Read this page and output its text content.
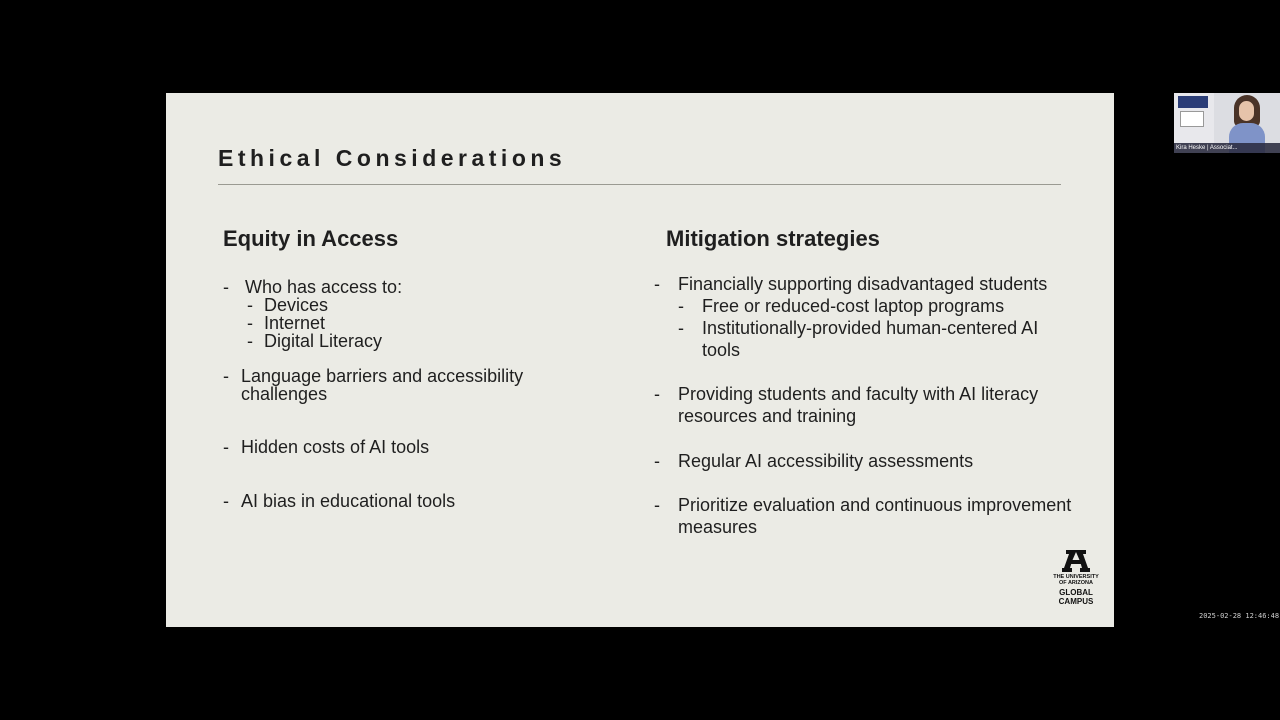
Ethical Considerations
Equity in Access
- Who has access to:
- Devices
- Internet
- Digital Literacy
- Language barriers and accessibility
challenges
- Hidden costs of AI tools
- AI bias in educational tools
Mitigation strategies
- Financially supporting disadvantaged students
- Free or reduced-cost laptop programs
- Institutionally-provided human-centered AI
tools
- Providing students and faculty with AI literacy
resources and training
- Regular AI accessibility assessments
- Prioritize evaluation and continuous improvement
measures
THE UNIVERSITY
OF ARIZONA
GLOBAL
CAMPUS
Kira Heske | Associat...
2025-02-28 12:46:48
